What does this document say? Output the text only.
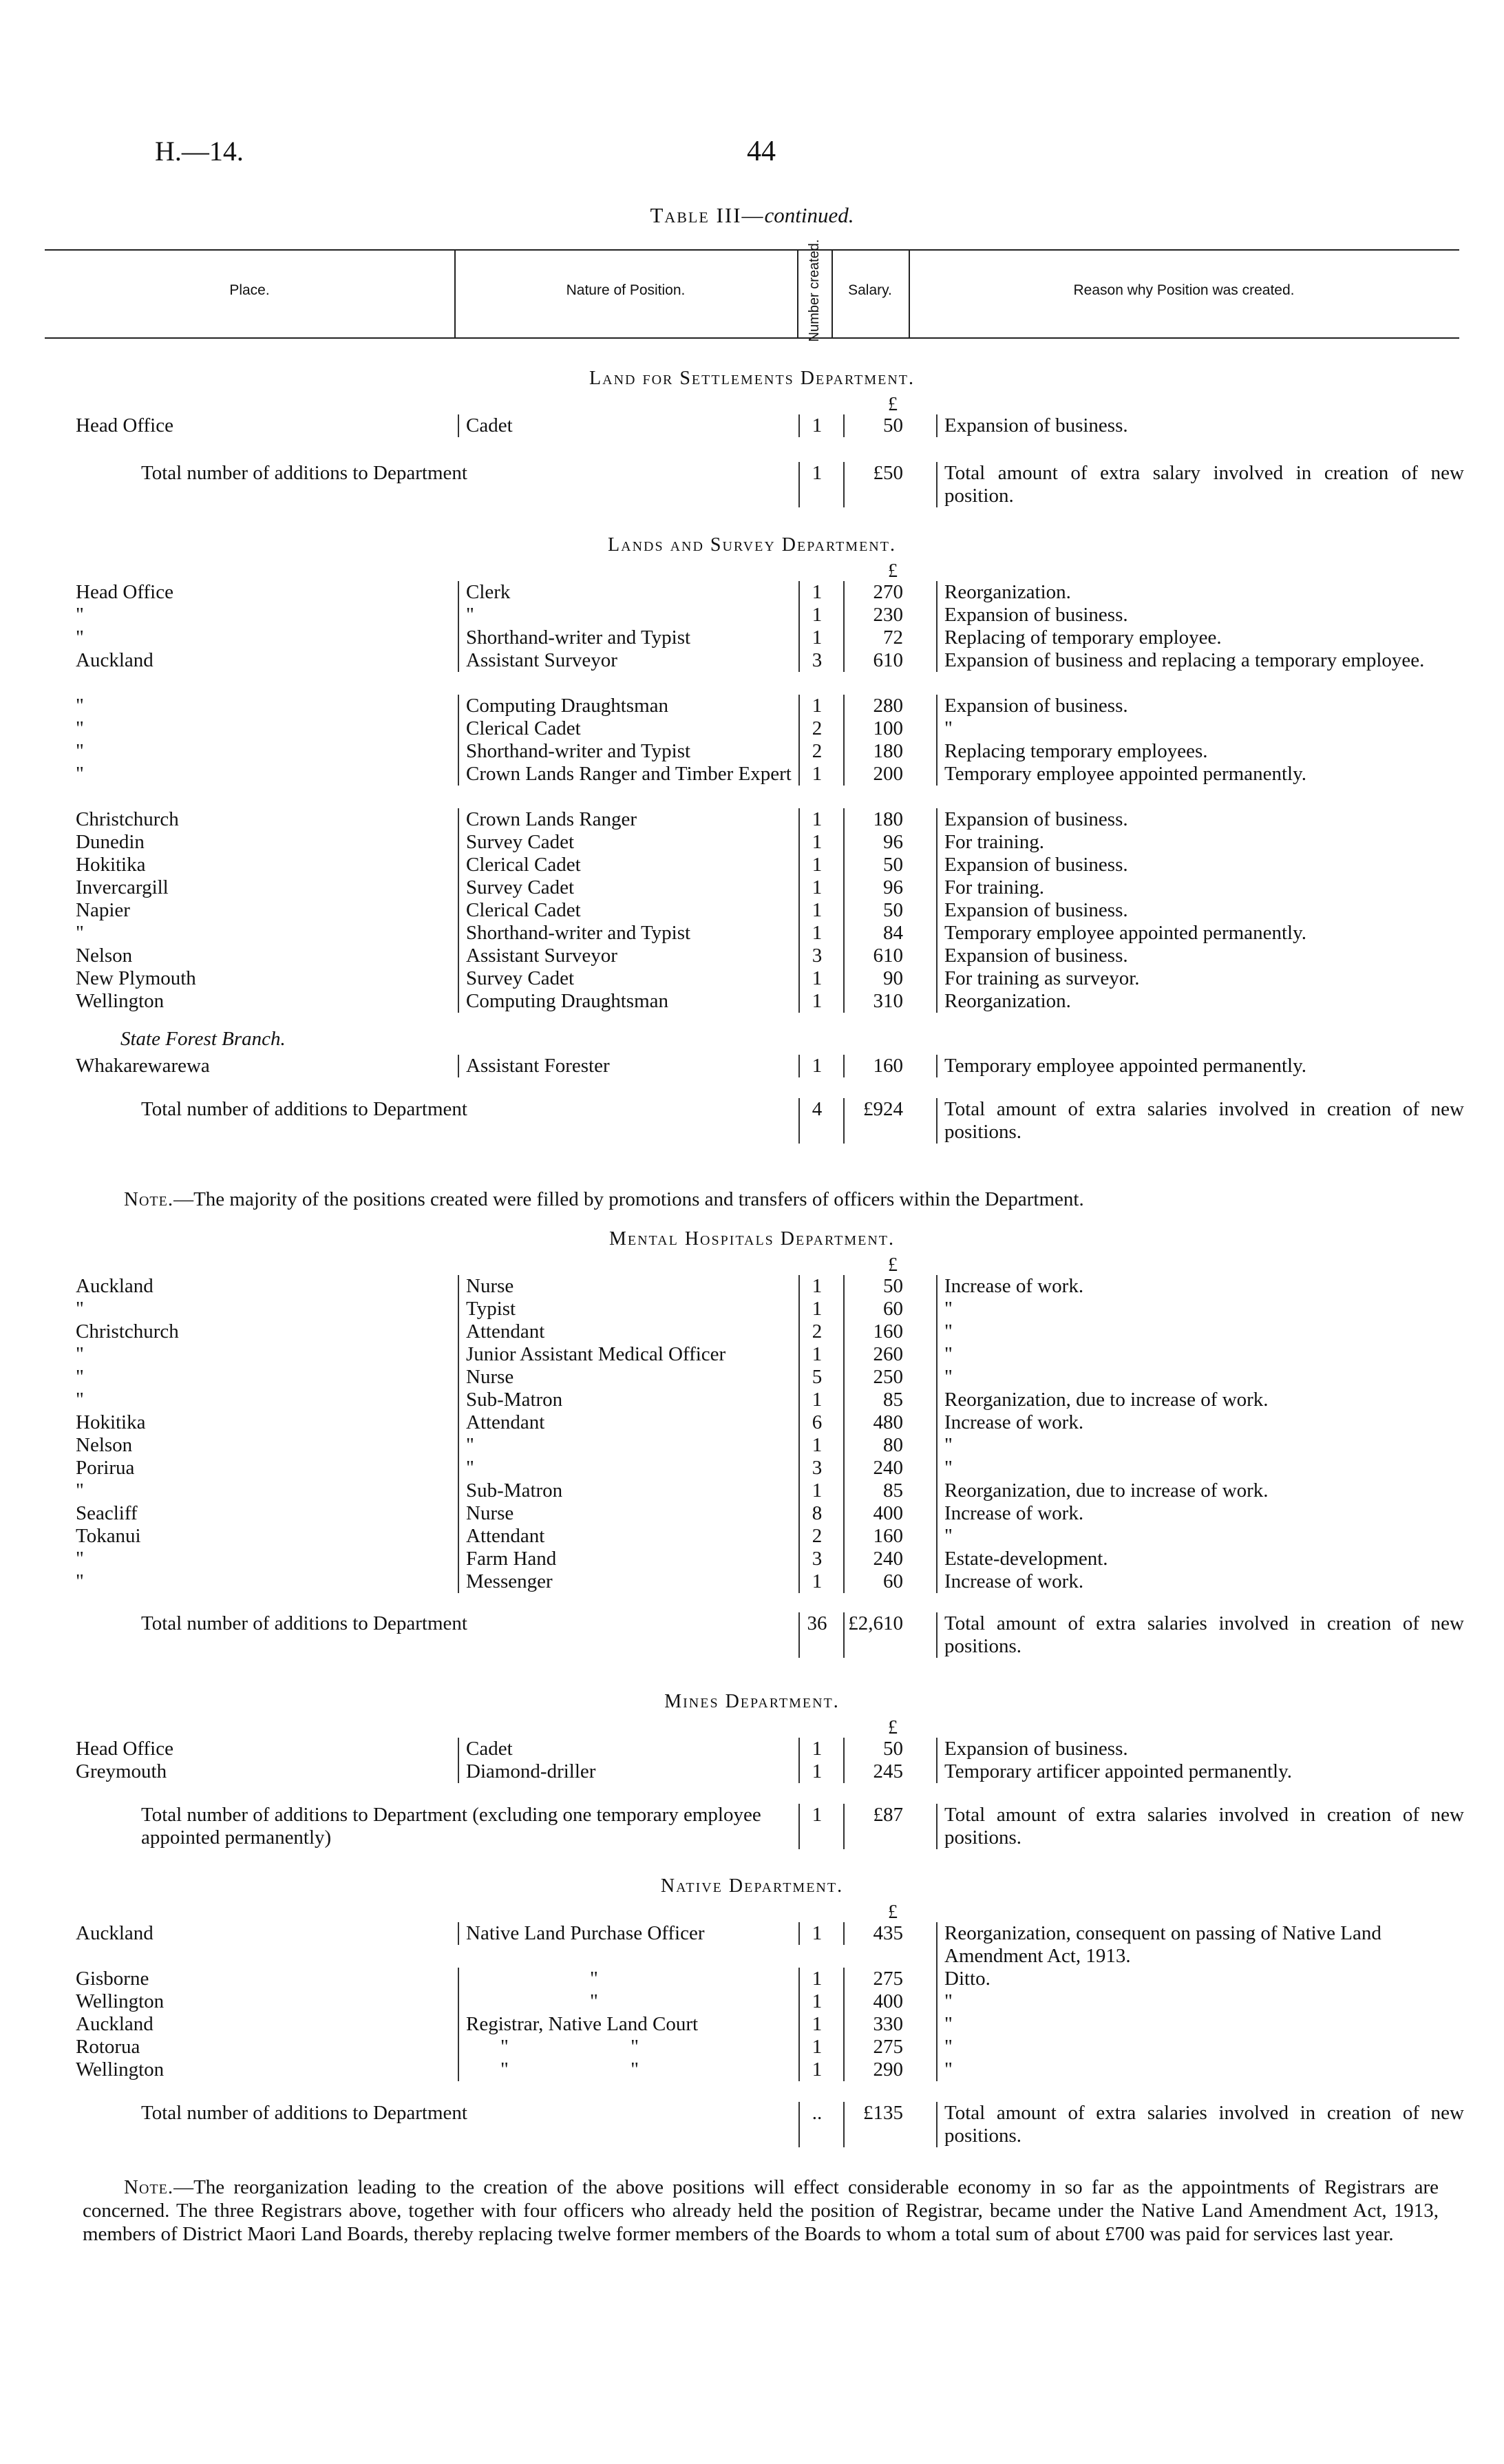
H.—14.	44
Table III—continued.
Place.	Nature of Position.	Number created.	Salary.	Reason why Position was created.
Land for Settlements Department.
£
Head Office	Cadet	1	50	Expansion of business.
Total number of additions to Department	1	£50	Total amount of extra salary involved in creation of new position.
Lands and Survey Department.
£
Head Office	Clerk	1	270	Reorganization.
"	"	1	230	Expansion of business.
"	Shorthand-writer and Typist	1	72	Replacing of temporary employee.
Auckland	Assistant Surveyor	3	610	Expansion of business and replacing a temporary employee.
"	Computing Draughtsman	1	280	Expansion of business.
"	Clerical Cadet	2	100	"
"	Shorthand-writer and Typist	2	180	Replacing temporary employees.
"	Crown Lands Ranger and Timber Expert	1	200	Temporary employee appointed permanently.
Christchurch	Crown Lands Ranger	1	180	Expansion of business.
Dunedin	Survey Cadet	1	96	For training.
Hokitika	Clerical Cadet	1	50	Expansion of business.
Invercargill	Survey Cadet	1	96	For training.
Napier	Clerical Cadet	1	50	Expansion of business.
"	Shorthand-writer and Typist	1	84	Temporary employee appointed permanently.
Nelson	Assistant Surveyor	3	610	Expansion of business.
New Plymouth	Survey Cadet	1	90	For training as surveyor.
Wellington	Computing Draughtsman	1	310	Reorganization.
State Forest Branch.
Whakarewarewa	Assistant Forester	1	160	Temporary employee appointed permanently.
Total number of additions to Department	4	£924	Total amount of extra salaries involved in creation of new positions.
Note.—The majority of the positions created were filled by promotions and transfers of officers within the Department.
Mental Hospitals Department.
£
Auckland	Nurse	1	50	Increase of work.
"	Typist	1	60	"
Christchurch	Attendant	2	160	"
"	Junior Assistant Medical Officer	1	260	"
"	Nurse	5	250	"
"	Sub-Matron	1	85	Reorganization, due to increase of work.
Hokitika	Attendant	6	480	Increase of work.
Nelson	"	1	80	"
Porirua	"	3	240	"
"	Sub-Matron	1	85	Reorganization, due to increase of work.
Seacliff	Nurse	8	400	Increase of work.
Tokanui	Attendant	2	160	"
"	Farm Hand	3	240	Estate-development.
"	Messenger	1	60	Increase of work.
Total number of additions to Department	36	£2,610	Total amount of extra salaries involved in creation of new positions.
Mines Department.
£
Head Office	Cadet	1	50	Expansion of business.
Greymouth	Diamond-driller	1	245	Temporary artificer appointed permanently.
Total number of additions to Department (excluding one temporary employee appointed permanently)
1	£87	Total amount of extra salaries involved in creation of new positions.
Native Department.
£
Auckland	Native Land Purchase Officer	1	435	Reorganization, consequent on passing of Native Land Amendment Act, 1913.
Gisborne	"	1	275	Ditto.
Wellington	"	1	400	"
Auckland	Registrar, Native Land Court	1	330	"
Rotorua	" "	1	275	"
Wellington	" "	1	290	"
Total number of additions to Department	..	£135	Total amount of extra salaries involved in creation of new positions.
Note.—The reorganization leading to the creation of the above positions will effect considerable economy in so far as the appointments of Registrars are concerned. The three Registrars above, together with four officers who already held the position of Registrar, became under the Native Land Amendment Act, 1913, members of District Maori Land Boards, thereby replacing twelve former members of the Boards to whom a total sum of about £700 was paid for services last year.
